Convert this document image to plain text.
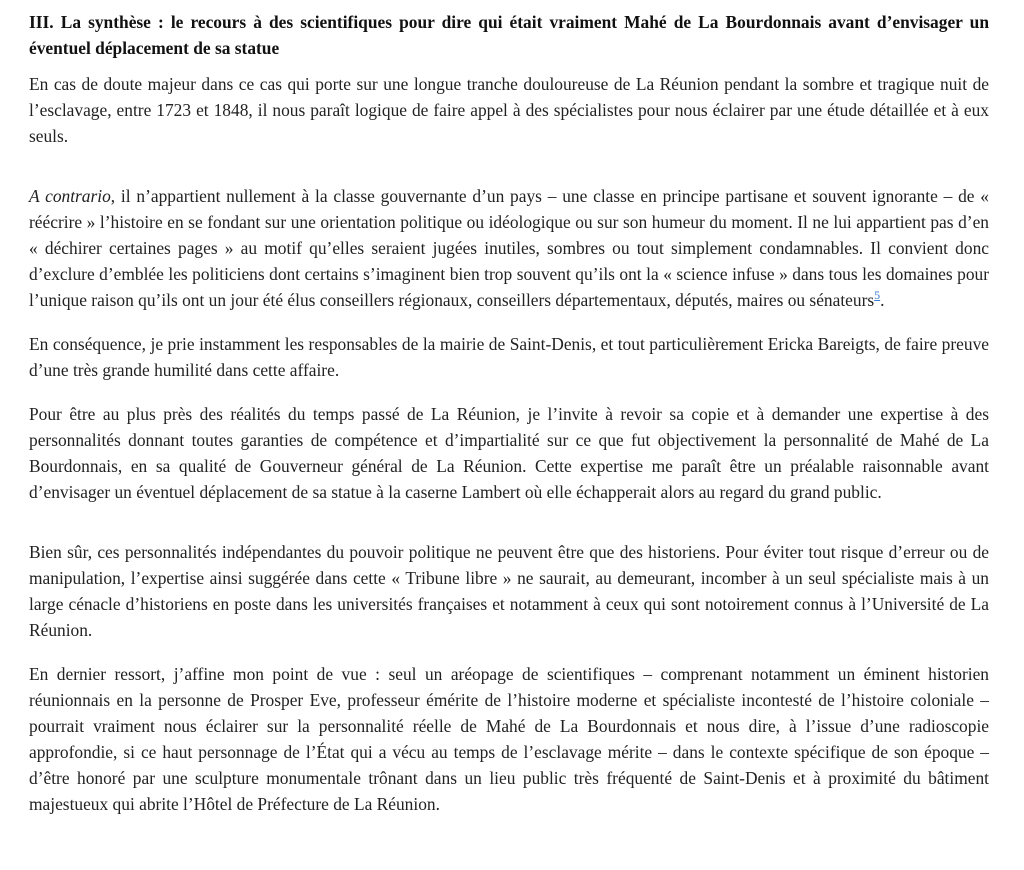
III. La synthèse : le recours à des scientifiques pour dire qui était vraiment Mahé de La Bourdonnais avant d’envisager un éventuel déplacement de sa statue

En cas de doute majeur dans ce cas qui porte sur une longue tranche douloureuse de La Réunion pendant la sombre et tragique nuit de l’esclavage, entre 1723 et 1848, il nous paraît logique de faire appel à des spécialistes pour nous éclairer par une étude détaillée et à eux seuls.

A contrario, il n’appartient nullement à la classe gouvernante d’un pays – une classe en principe partisane et souvent ignorante – de « réécrire » l’histoire en se fondant sur une orientation politique ou idéologique ou sur son humeur du moment. Il ne lui appartient pas d’en « déchirer certaines pages » au motif qu’elles seraient jugées inutiles, sombres ou tout simplement condamnables. Il convient donc d’exclure d’emblée les politiciens dont certains s’imaginent bien trop souvent qu’ils ont la « science infuse » dans tous les domaines pour l’unique raison qu’ils ont un jour été élus conseillers régionaux, conseillers départementaux, députés, maires ou sénateurs$^5$.

En conséquence, je prie instamment les responsables de la mairie de Saint-Denis, et tout particulièrement Ericka Bareigts, de faire preuve d’une très grande humilité dans cette affaire.

Pour être au plus près des réalités du temps passé de La Réunion, je l’invite à revoir sa copie et à demander une expertise à des personnalités donnant toutes garanties de compétence et d’impartialité sur ce que fut objectivement la personnalité de Mahé de La Bourdonnais, en sa qualité de Gouverneur général de La Réunion. Cette expertise me paraît être un préalable raisonnable avant d’envisager un éventuel déplacement de sa statue à la caserne Lambert où elle échapperait alors au regard du grand public.

Bien sûr, ces personnalités indépendantes du pouvoir politique ne peuvent être que des historiens. Pour éviter tout risque d’erreur ou de manipulation, l’expertise ainsi suggérée dans cette « Tribune libre » ne saurait, au demeurant, incomber à un seul spécialiste mais à un large cénacle d’historiens en poste dans les universités françaises et notamment à ceux qui sont notoirement connus à l’Université de La Réunion.

En dernier ressort, j’affine mon point de vue : seul un aréopage de scientifiques – comprenant notamment un éminent historien réunionnais en la personne de Prosper Eve, professeur émérite de l’histoire moderne et spécialiste incontesté de l’histoire coloniale – pourrait vraiment nous éclairer sur la personnalité réelle de Mahé de La Bourdonnais et nous dire, à l’issue d’une radioscopie approfondie, si ce haut personnage de l’État qui a vécu au temps de l’esclavage mérite – dans le contexte spécifique de son époque – d’être honoré par une sculpture monumentale trônant dans un lieu public très fréquenté de Saint-Denis et à proximité du bâtiment majestueux qui abrite l’Hôtel de Préfecture de La Réunion.
